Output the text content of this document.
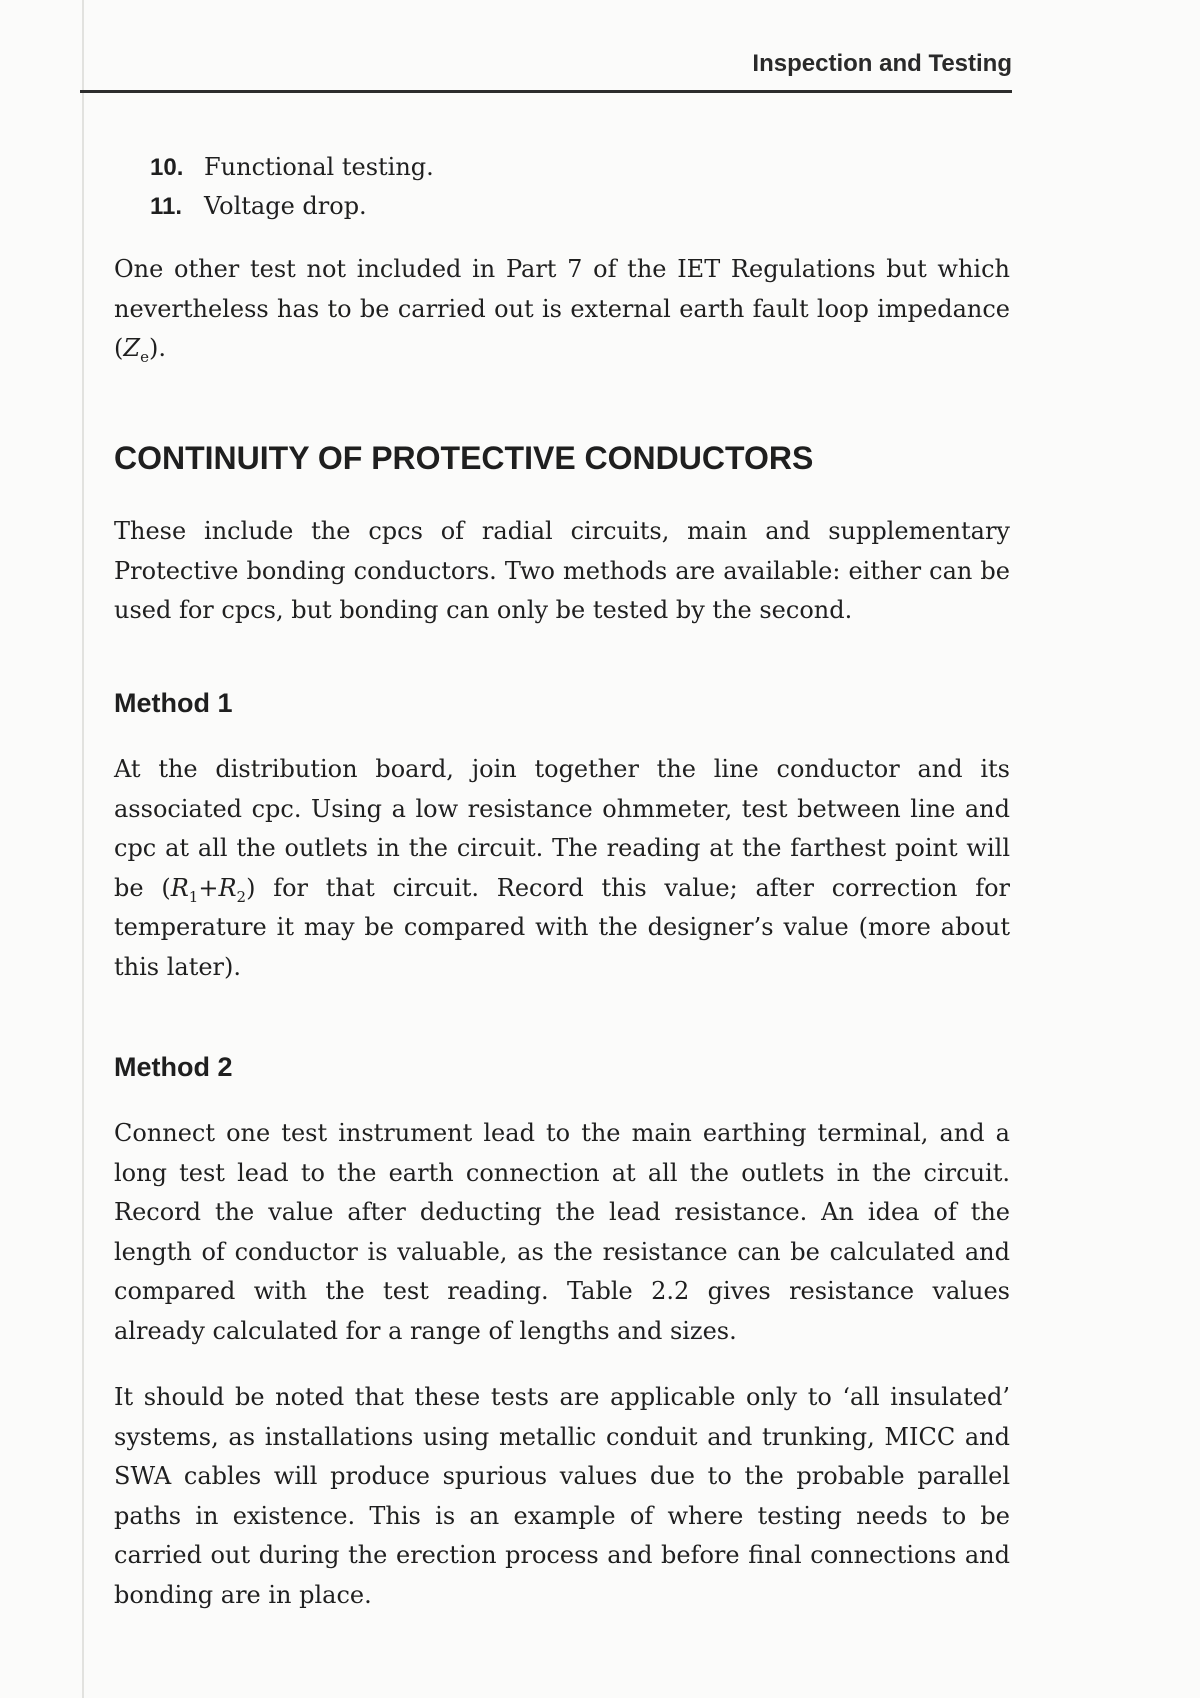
Inspection and Testing
10. Functional testing.
11. Voltage drop.

One other test not included in Part 7 of the IET Regulations but which nevertheless has to be carried out is external earth fault loop impedance $(Z_e)$.

CONTINUITY OF PROTECTIVE CONDUCTORS

These include the cpcs of radial circuits, main and supplementary Protective bonding conductors. Two methods are available: either can be used for cpcs, but bonding can only be tested by the second.

Method 1

At the distribution board, join together the line conductor and its associated cpc. Using a low resistance ohmmeter, test between line and cpc at all the outlets in the circuit. The reading at the farthest point will be $(R_1+R_2)$ for that circuit. Record this value; after correction for temperature it may be compared with the designer’s value (more about this later).

Method 2

Connect one test instrument lead to the main earthing terminal, and a long test lead to the earth connection at all the outlets in the circuit. Record the value after deducting the lead resistance. An idea of the length of conductor is valuable, as the resistance can be calculated and compared with the test reading. Table 2.2 gives resistance values already calculated for a range of lengths and sizes.

It should be noted that these tests are applicable only to ‘all insulated’ systems, as installations using metallic conduit and trunking, MICC and SWA cables will produce spurious values due to the probable parallel paths in existence. This is an example of where testing needs to be carried out during the erection process and before final connections and bonding are in place.
